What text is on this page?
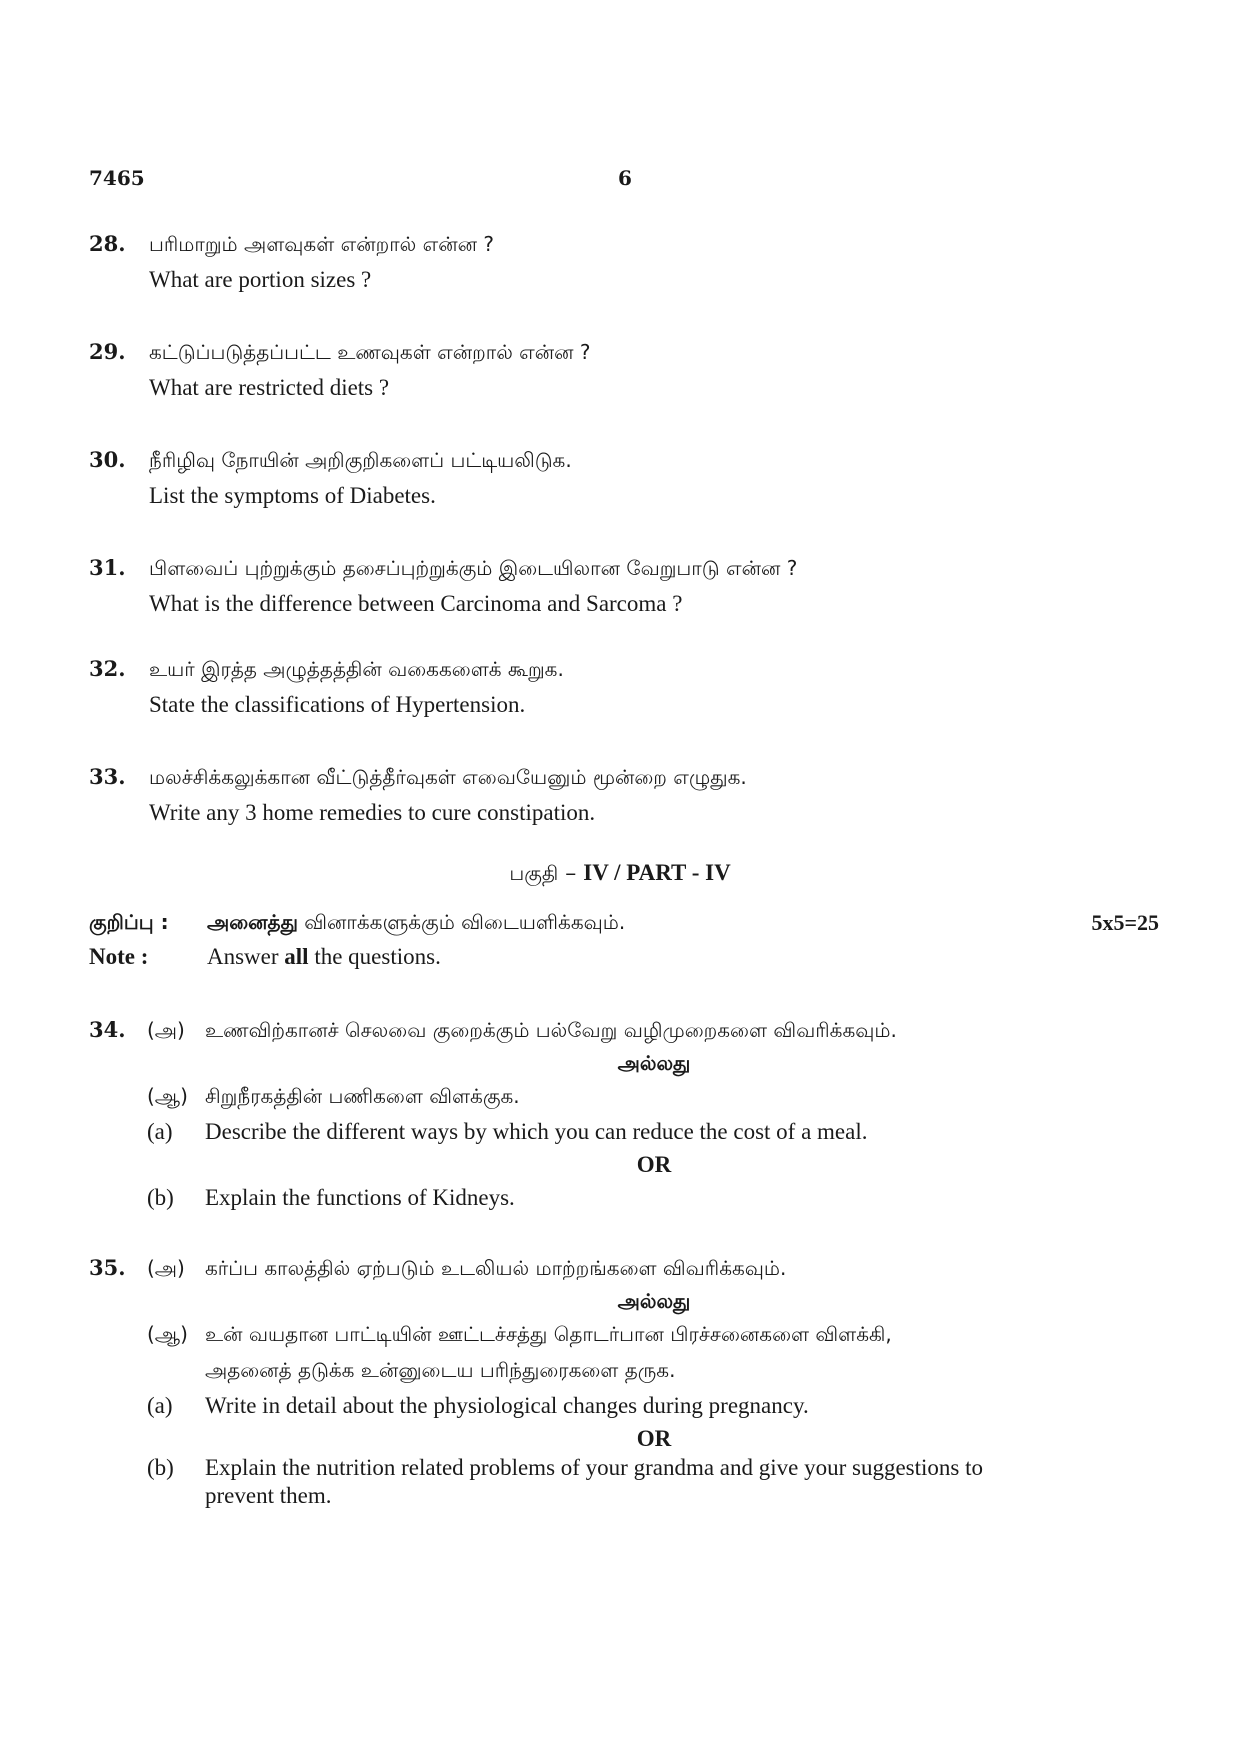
7465	6
28. பரிமாறும் அளவுகள் என்றால் என்ன ?
What are portion sizes ?
29. கட்டுப்படுத்தப்பட்ட உணவுகள் என்றால் என்ன ?
What are restricted diets ?
30. நீரிழிவு நோயின் அறிகுறிகளைப் பட்டியலிடுக.
List the symptoms of Diabetes.
31. பிளவைப் புற்றுக்கும் தசைப்புற்றுக்கும் இடையிலான வேறுபாடு என்ன ?
What is the difference between Carcinoma and Sarcoma ?
32. உயர் இரத்த அழுத்தத்தின் வகைகளைக் கூறுக.
State the classifications of Hypertension.
33. மலச்சிக்கலுக்கான வீட்டுத்தீர்வுகள் எவையேனும் மூன்றை எழுதுக.
Write any 3 home remedies to cure constipation.
பகுதி – IV / PART - IV
குறிப்பு : அனைத்து வினாக்களுக்கும் விடையளிக்கவும்.	5x5=25
Note :	Answer all the questions.
34. (அ) உணவிற்கானச் செலவை குறைக்கும் பல்வேறு வழிமுறைகளை விவரிக்கவும்.
அல்லது
(ஆ) சிறுநீரகத்தின் பணிகளை விளக்குக.
(a) Describe the different ways by which you can reduce the cost of a meal.
OR
(b) Explain the functions of Kidneys.
35. (அ) கர்ப்ப காலத்தில் ஏற்படும் உடலியல் மாற்றங்களை விவரிக்கவும்.
அல்லது
(ஆ) உன் வயதான பாட்டியின் ஊட்டச்சத்து தொடர்பான பிரச்சனைகளை விளக்கி,
அதனைத் தடுக்க உன்னுடைய பரிந்துரைகளை தருக.
(a) Write in detail about the physiological changes during pregnancy.
OR
(b) Explain the nutrition related problems of your grandma and give your suggestions to
prevent them.
